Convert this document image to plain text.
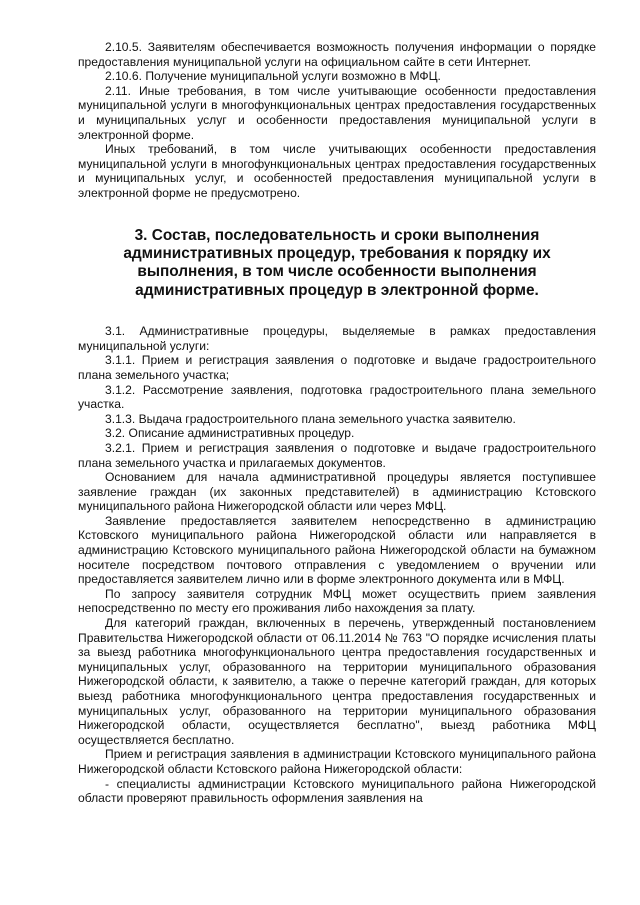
2.10.5. Заявителям обеспечивается возможность получения информации о порядке предоставления муниципальной услуги на официальном сайте в сети Интернет.

2.10.6. Получение муниципальной услуги возможно в МФЦ.

2.11. Иные требования, в том числе учитывающие особенности предоставления муниципальной услуги в многофункциональных центрах предоставления государственных и муниципальных услуг и особенности предоставления муниципальной услуги в электронной форме.

Иных требований, в том числе учитывающих особенности предоставления муниципальной услуги в многофункциональных центрах предоставления государственных и муниципальных услуг, и особенностей предоставления муниципальной услуги в электронной форме не предусмотрено.

3. Состав, последовательность и сроки выполнения административных процедур, требования к порядку их выполнения, в том числе особенности выполнения административных процедур в электронной форме.

3.1. Административные процедуры, выделяемые в рамках предоставления муниципальной услуги:

3.1.1. Прием и регистрация заявления о подготовке и выдаче градостроительного плана земельного участка;

3.1.2. Рассмотрение заявления, подготовка градостроительного плана земельного участка.

3.1.3. Выдача градостроительного плана земельного участка заявителю.

3.2. Описание административных процедур.

3.2.1. Прием и регистрация заявления о подготовке и выдаче градостроительного плана земельного участка и прилагаемых документов.

Основанием для начала административной процедуры является поступившее заявление граждан (их законных представителей) в администрацию Кстовского муниципального района Нижегородской области или через МФЦ.

Заявление предоставляется заявителем непосредственно в администрацию Кстовского муниципального района Нижегородской области или направляется в администрацию Кстовского муниципального района Нижегородской области на бумажном носителе посредством почтового отправления с уведомлением о вручении или предоставляется заявителем лично или в форме электронного документа или в МФЦ.

По запросу заявителя сотрудник МФЦ может осуществить прием заявления непосредственно по месту его проживания либо нахождения за плату.

Для категорий граждан, включенных в перечень, утвержденный постановлением Правительства Нижегородской области от 06.11.2014 № 763 "О порядке исчисления платы за выезд работника многофункционального центра предоставления государственных и муниципальных услуг, образованного на территории муниципального образования Нижегородской области, к заявителю, а также о перечне категорий граждан, для которых выезд работника многофункционального центра предоставления государственных и муниципальных услуг, образованного на территории муниципального образования Нижегородской области, осуществляется бесплатно", выезд работника МФЦ осуществляется бесплатно.

Прием и регистрация заявления в администрации Кстовского муниципального района Нижегородской области Кстовского района Нижегородской области:

- специалисты администрации Кстовского муниципального района Нижегородской области проверяют правильность оформления заявления на
